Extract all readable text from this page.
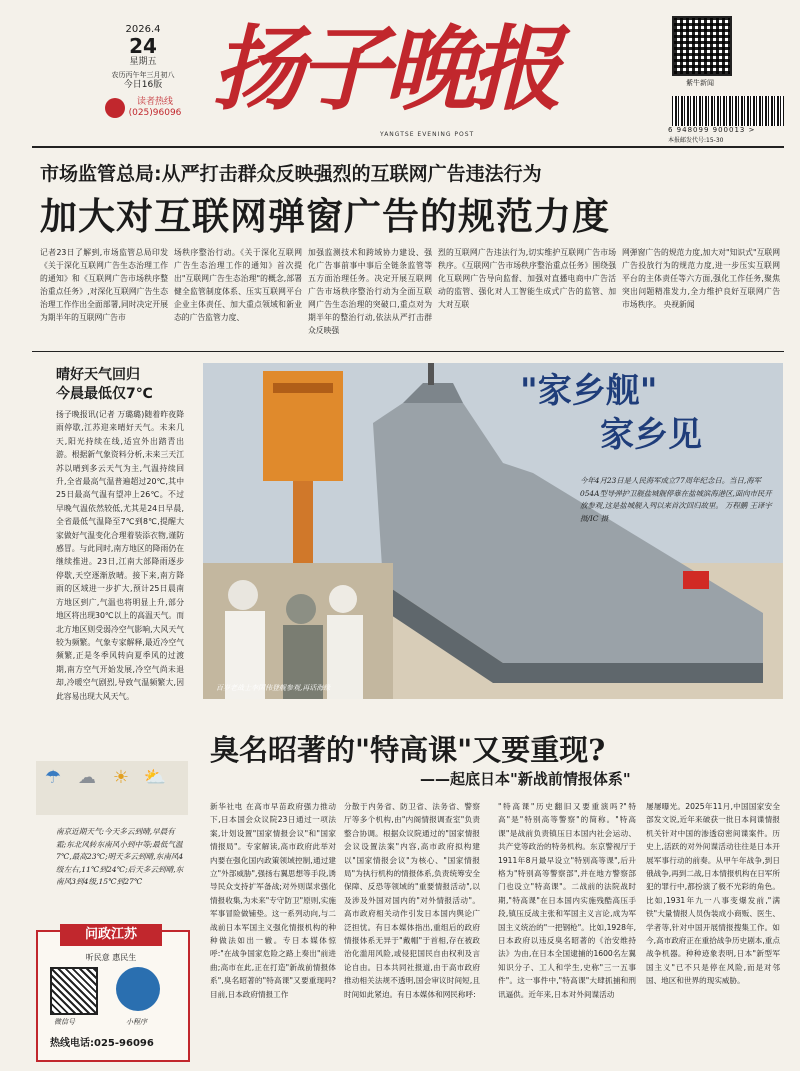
2026.4
24
星期五
农历丙午年三月初八
今日16版
读者热线
(025)96096 扬子晚报
YANGTSE EVENING POST
紫牛新闻
6 948099 900013 >
本报邮发代号:15-30
市场监管总局:从严打击群众反映强烈的互联网广告违法行为
加大对互联网弹窗广告的规范力度
记者23日了解到,市场监管总局印发《关于深化互联网广告生态治理工作的通知》和《互联网广告市场秩序整治重点任务》,对深化互联网广告生态治理工作作出全面部署,同时决定开展为期半年的互联网广告市
场秩序整治行动。《关于深化互联网广告生态治理工作的通知》首次提出"互联网广告生态治理"的概念,部署健全监管制度体系、压实互联网平台企业主体责任、加大重点领域和新业态的广告监管力度、
加强监测技术和跨域协力建设、强化广告事前事中事后全链条监管等五方面治理任务。决定开展互联网广告市场秩序整治行动为全面互联网广告生态治理的突破口,重点对为期半年的整治行动,依法从严打击群众反映强
烈的互联网广告违法行为,切实维护互联网广告市场秩序。《互联网广告市场秩序整治重点任务》围绕强化互联网广告导向监督、加强对直播电商中广告活动的监管、强化对人工智能生成式广告的监管、加大对互联
网弹窗广告的规范力度,加大对"知识式"互联网广告投放行为的规范力度,进一步压实互联网平台的主体责任等六方面,强化工作任务,聚焦突出问题精准发力,全力维护良好互联网广告市场秩序。 央视新闻
晴好天气回归
今晨最低仅7℃
扬子晚报讯(记者 万璐璐)随着昨夜降雨停歇,江苏迎来晴好天气。未来几天,阳光持续在线,适宜外出踏青出游。根据新气象资料分析,未来三天江苏以晴到多云天气为主,气温持续回升,全省最高气温普遍超过20℃,其中25日最高气温有望冲上26℃。不过早晚气温依然较低,尤其是24日早晨,全省最低气温降至7℃到8℃,提醒大家做好气温变化合理着装添衣物,谨防感冒。与此同时,南方地区的降雨仍在继续推进。23日,江南大部降雨逐步停歇,天空逐渐放晴。接下来,南方降雨的区域进一步扩大,预计25日晨南方地区到广,气温也将明显上升,部分地区将出现30℃以上的高温天气。而北方地区则受弱冷空气影响,大风天气较为频繁。气象专家解释,最近冷空气频繁,正是冬季风转向夏季风的过渡期,南方空气开始发展,冷空气尚未退却,冷暖空气剧烈,导致气温频繁大,因此容易出现大风天气。
☂ ☁ ☀ ⛅
南京近期天气:今天多云到晴,早晨有霜;东北风转东南风小到中等;最低气温7℃,最高23℃;明天多云到晴,东南风4级左右,11℃到24℃;后天多云到晴,东南风3到4级,15℃到27℃
问政江苏
听民意 惠民生
微信号	小程序
热线电话:025-96096
百岁老战士李国伟登舰参观,再话海缘
"家乡舰"
家乡见
今年4月23日是人民海军成立77周年纪念日。当日,海军054A型导弹护卫舰盐城舰停靠在盐城滨海港区,面向市民开放参观,这是盐城舰入列以来首次回归故里。 万程鹏 王译宇 摄/IC 摄
臭名昭著的"特高课"又要重现?
——起底日本"新战前情报体系"
新华社电 在高市早苗政府强力推动下,日本国会众议院23日通过一项法案,计划设置"国家情报会议"和"国家情报局"。专家解读,高市政府此举对内要在强化国内政策领域控制,通过建立"外部威胁",强扬右翼思想等手段,诱导民众支持扩军备战;对外则谋求强化情报收集,为未来"专守防卫"原则,实施军事冒险做铺垫。这一系列动向,与二战前日本军国主义强化情报机构的种种做法如出一辙。专日本媒体惊呼:"在战争国家危险之路上奏出"前进曲;高市在此,正在打造"新战前情报体系",臭名昭著的"特高课"又要重现吗?目前,日本政府情报工作
分散于内务省、防卫省、法务省、警察厅等多个机构,由"内阁情报调查室"负责整合协调。根据众议院通过的"国家情报会议设置法案"内容,高市政府拟构建以"国家情报会议"为核心、"国家情报局"为执行机构的情报体系,负责统筹安全保障、反恐等领域的"重要情报活动",以及涉及外国对国内的"对外情报活动"。高市政府相关动作引发日本国内舆论广泛担忧。有日本媒体指出,重组后的政府情报体系无异于"戴帽"于首相,存在被政治化滥用风险,或侵犯国民自由权利及言论自由。日本共同社报道,由于高市政府推动相关法规不透明,国会审议时间短,且时间如此紧迫。有日本媒体和网民称呼:
"特高课"历史翻旧又要重演吗?"特高"是"特别高等警察"的简称。"特高课"是战前负责镇压日本国内社会运动、共产党等政治的特务机构。东京警视厅于1911年8月最早设立"特别高等课",后升格为"特别高等警察部",并在地方警察部门也设立"特高课"。二战前的法院战时期,"特高课"在日本国内实施残酷高压手段,镇压反战主张和军国主义言论,成为军国主义统治的"一把钢枪"。比如,1928年,日本政府以违反臭名昭著的《治安维持法》为由,在日本全国逮捕的1600名左翼知识分子、工人和学生,史称"三一五事件"。这一事件中,"特高课"大肆抓捕和刑讯逼供。近年来,日本对外间谍活动
屡屡曝光。2025年11月,中国国家安全部发文说,近年来破获一批日本间谍情报机关针对中国的渗透窃密间谍案件。历史上,活跃的对外间谍活动往往是日本开展军事行动的前奏。从甲午年战争,到日俄战争,再到二战,日本情报机构在日军所犯的罪行中,都扮演了极不光彩的角色。比如,1931年九一八事变爆发前,"满铁"大量情报人员伪装成小商贩、医生、学者等,针对中国开展情报搜集工作。如今,高市政府正在重拾战争历史剧本,重点战争机器。种种迹象表明,日本"新型军国主义"已不只是停在风险,而是对邻国、地区和世界的现实威胁。
